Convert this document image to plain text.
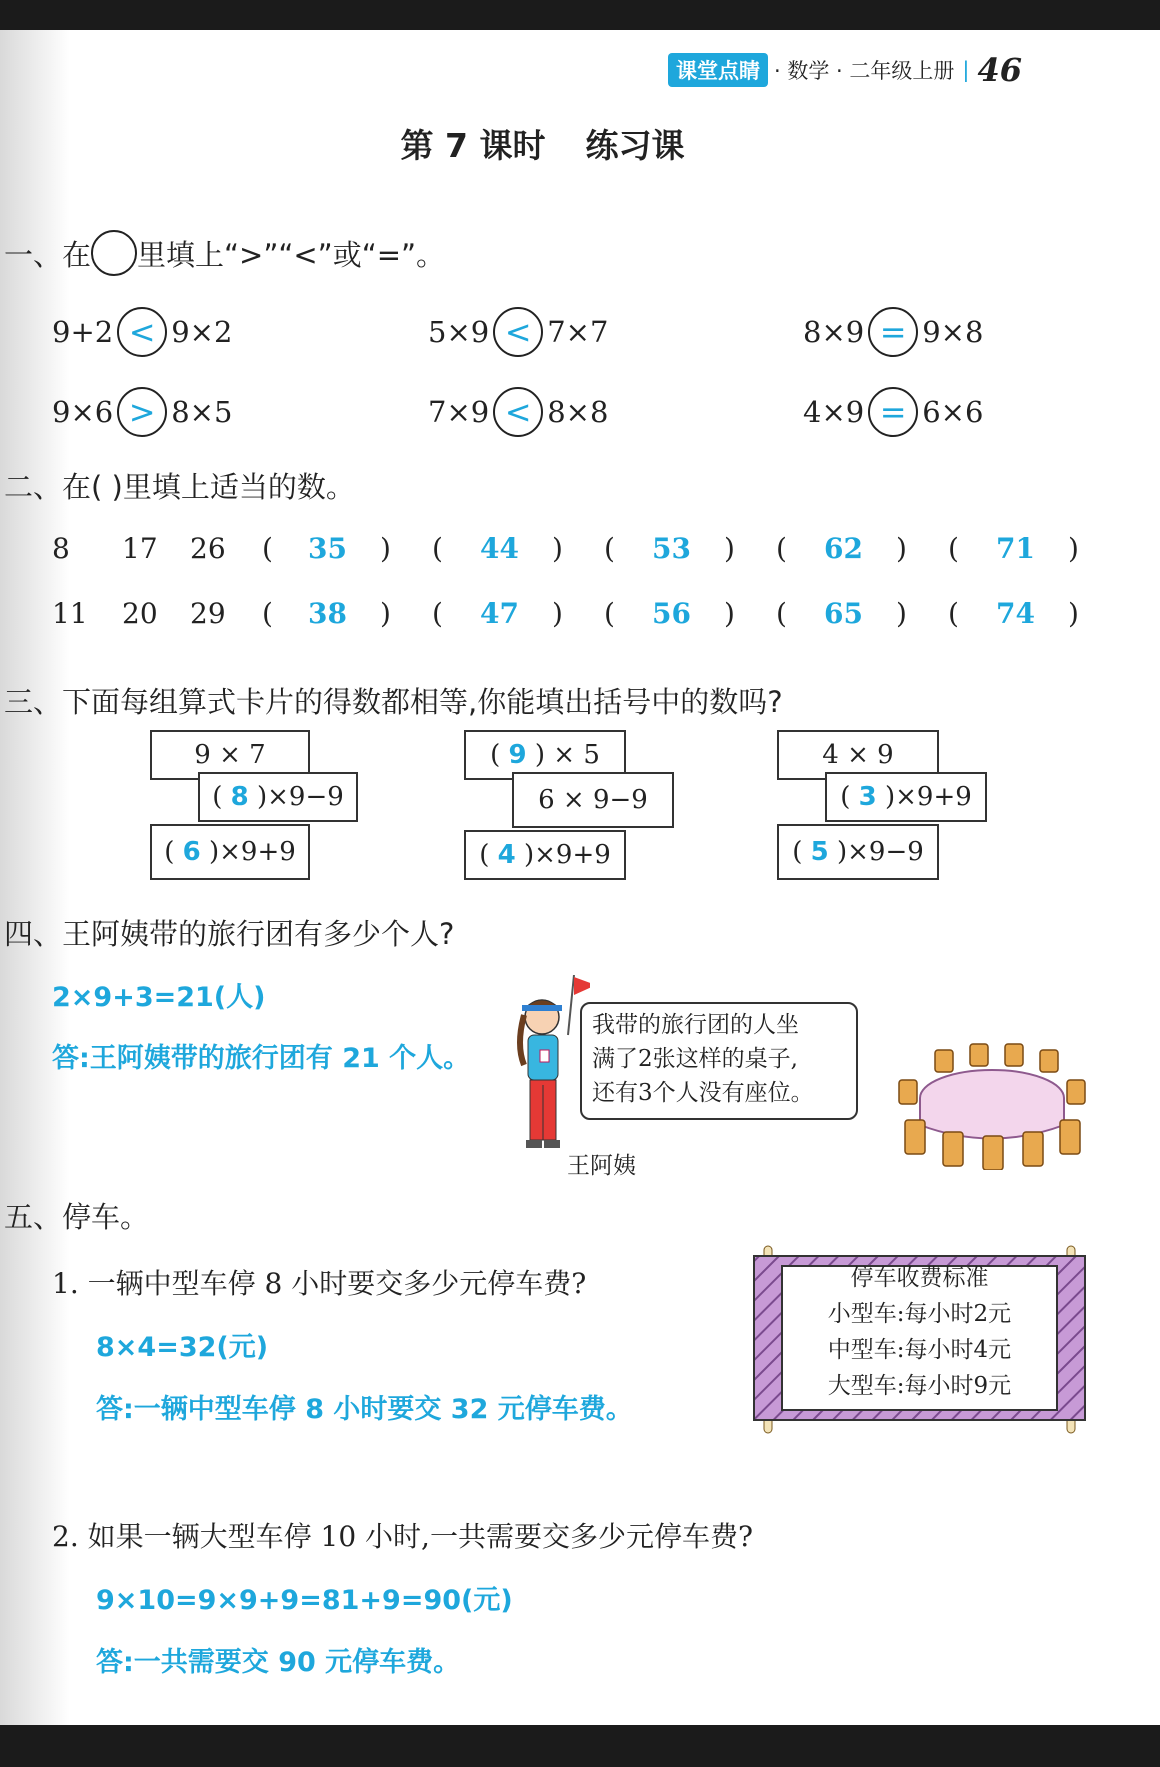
课堂点睛 · 数学 · 二年级上册 | 46
第 7 课时 练习课
一、在 里填上“>”“<”或“=”。
9+2 < 9×2	5×9 < 7×7	8×9 = 9×8
9×6 > 8×5	7×9 < 8×8	4×9 = 6×6
二、在( )里填上适当的数。
8 17 26 ( 35 ) ( 44 ) ( 53 ) ( 62 ) ( 71 )
11 20 29 ( 38 ) ( 47 ) ( 56 ) ( 65 ) ( 74 )
三、下面每组算式卡片的得数都相等,你能填出括号中的数吗?
9 × 7
( 8
)×9−9
( 6
)×9+9
( 9
) × 5
6 × 9−9
( 4
)×9+9
4 × 9
( 3
)×9+9
( 5
)×9−9
四、王阿姨带的旅行团有多少个人?
2×9+3=21(人)
答:王阿姨带的旅行团有 21 个人。
王阿姨
我带的旅行团的人坐
满了2张这样的桌子,
还有3个人没有座位。
五、停车。
1. 一辆中型车停 8 小时要交多少元停车费?
8×4=32(元)
答:一辆中型车停 8 小时要交 32 元停车费。
停车收费标准
小型车:每小时2元
中型车:每小时4元
大型车:每小时9元
2. 如果一辆大型车停 10 小时,一共需要交多少元停车费?
9×10=9×9+9=81+9=90(元)
答:一共需要交 90 元停车费。
